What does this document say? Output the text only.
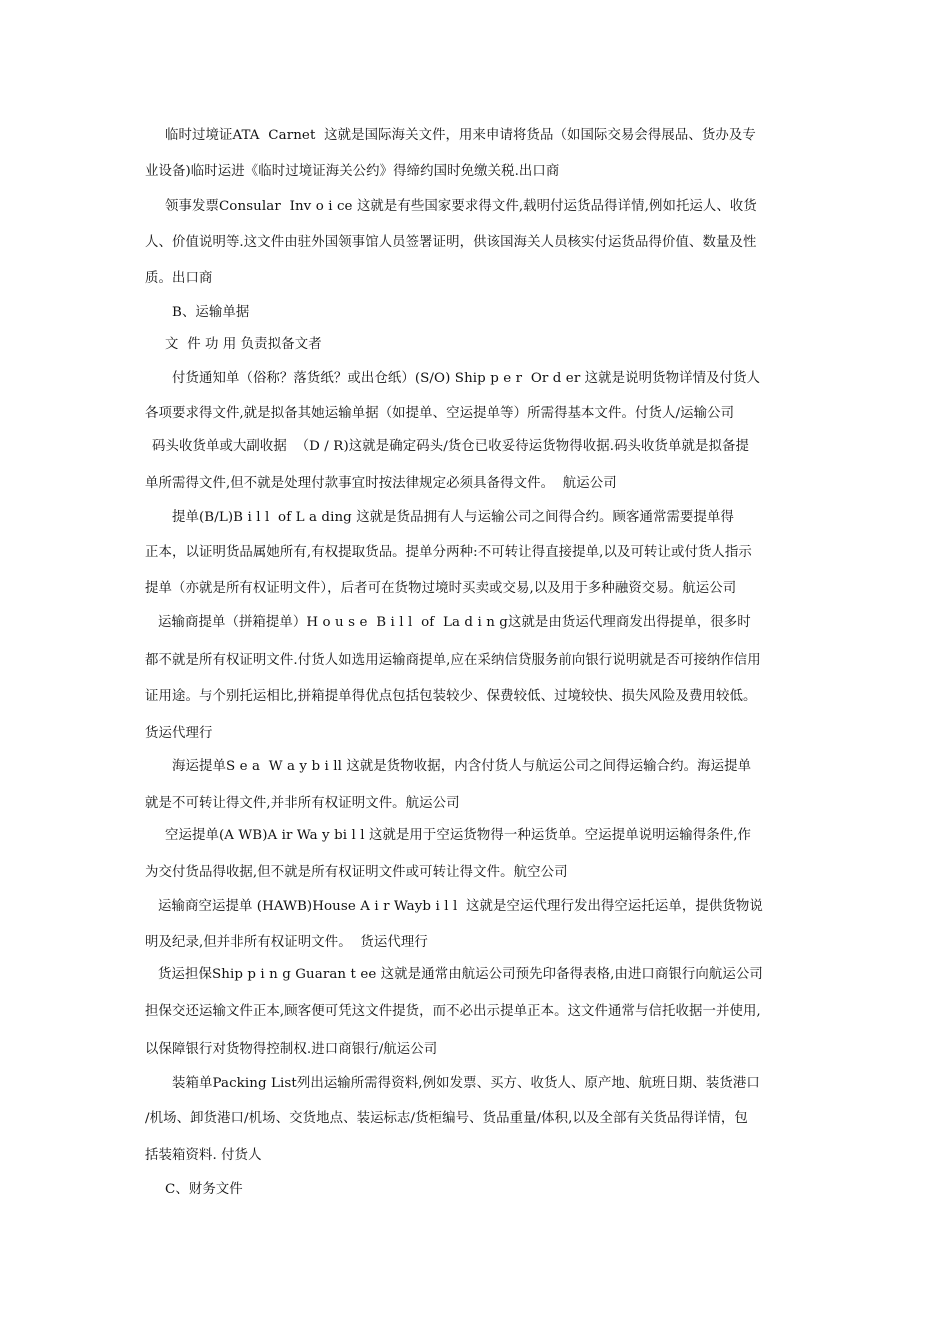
临时过境证ATA  Carnet  这就是国际海关文件，用来申请将货品（如国际交易会得展品、货办及专
业设备)临时运进《临时过境证海关公约》得缔约国时免缴关税.出口商
领事发票Consular  Inv o i ce 这就是有些国家要求得文件,载明付运货品得详情,例如托运人、收货
人、价值说明等.这文件由驻外国领事馆人员签署证明，供该国海关人员核实付运货品得价值、数量及性
质。出口商
B、运输单据
文  件 功 用 负责拟备文者
付货通知单（俗称？落货纸？或出仓纸）(S/O) Ship p e r  Or d er 这就是说明货物详情及付货人
各项要求得文件,就是拟备其她运输单据（如提单、空运提单等）所需得基本文件。付货人/运输公司
码头收货单或大副收据  （D / R)这就是确定码头/货仓已收妥待运货物得收据.码头收货单就是拟备提
单所需得文件,但不就是处理付款事宜时按法律规定必须具备得文件。  航运公司
提单(B/L)B i l l  of L a ding 这就是货品拥有人与运输公司之间得合约。顾客通常需要提单得
正本，以证明货品属她所有,有权提取货品。提单分两种:不可转让得直接提单,以及可转让或付货人指示
提单（亦就是所有权证明文件），后者可在货物过境时买卖或交易,以及用于多种融资交易。航运公司
运输商提单（拼箱提单）H o u s e  B i l l  of  La d i n g这就是由货运代理商发出得提单，很多时
都不就是所有权证明文件.付货人如选用运输商提单,应在采纳信贷服务前向银行说明就是否可接纳作信用
证用途。与个别托运相比,拼箱提单得优点包括包装较少、保费较低、过境较快、损失风险及费用较低。
货运代理行
海运提单S e a  W a y b i ll 这就是货物收据，内含付货人与航运公司之间得运输合约。海运提单
就是不可转让得文件,并非所有权证明文件。航运公司
空运提单(A WB)A ir Wa y bi l l 这就是用于空运货物得一种运货单。空运提单说明运输得条件,作
为交付货品得收据,但不就是所有权证明文件或可转让得文件。航空公司
运输商空运提单 (HAWB)House A i r Wayb i l l  这就是空运代理行发出得空运托运单，提供货物说
明及纪录,但并非所有权证明文件。  货运代理行
货运担保Ship p i n g Guaran t ee 这就是通常由航运公司预先印备得表格,由进口商银行向航运公司
担保交还运输文件正本,顾客便可凭这文件提货，而不必出示提单正本。这文件通常与信托收据一并使用,
以保障银行对货物得控制权.进口商银行/航运公司
装箱单Packing List列出运输所需得资料,例如发票、买方、收货人、原产地、航班日期、装货港口
/机场、卸货港口/机场、交货地点、装运标志/货柜编号、货品重量/体积,以及全部有关货品得详情，包
括装箱资料. 付货人
C、财务文件
